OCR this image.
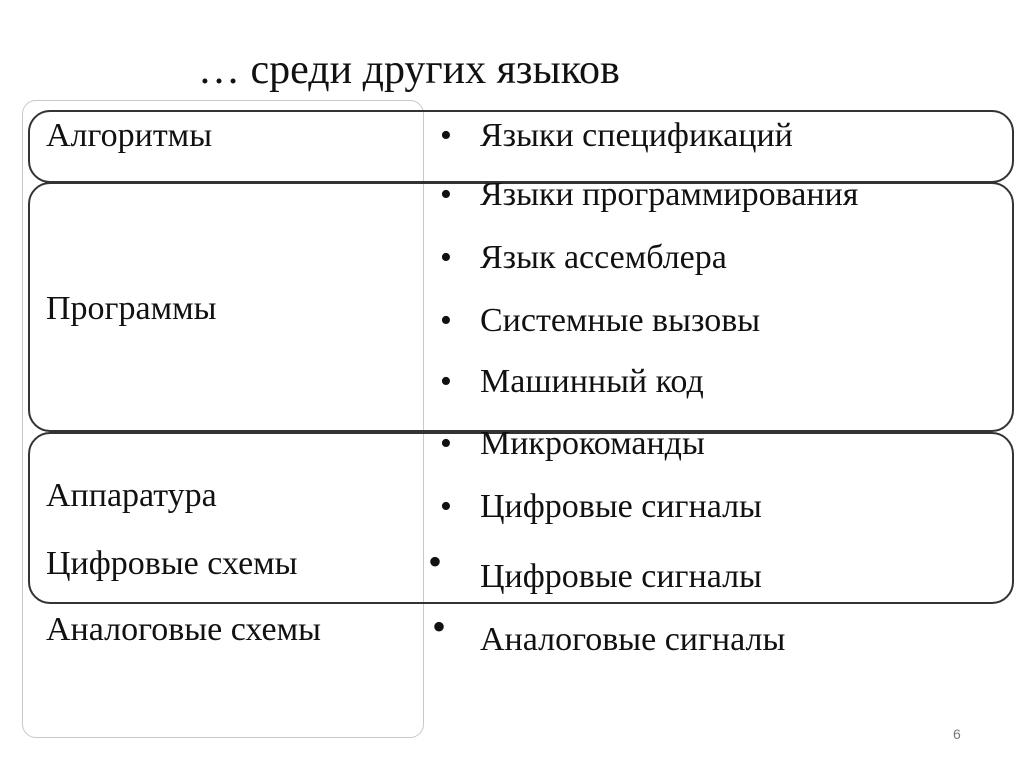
… среди других языков
Алгоритмы
Программы
Аппаратура
Цифровые схемы
Аналоговые схемы
• Языки спецификаций
• Языки программирования
• Язык ассемблера
• Системные вызовы
• Машинный код
• Микрокоманды
• Цифровые сигналы
•	Цифровые сигналы
• Аналоговые сигналы
6
